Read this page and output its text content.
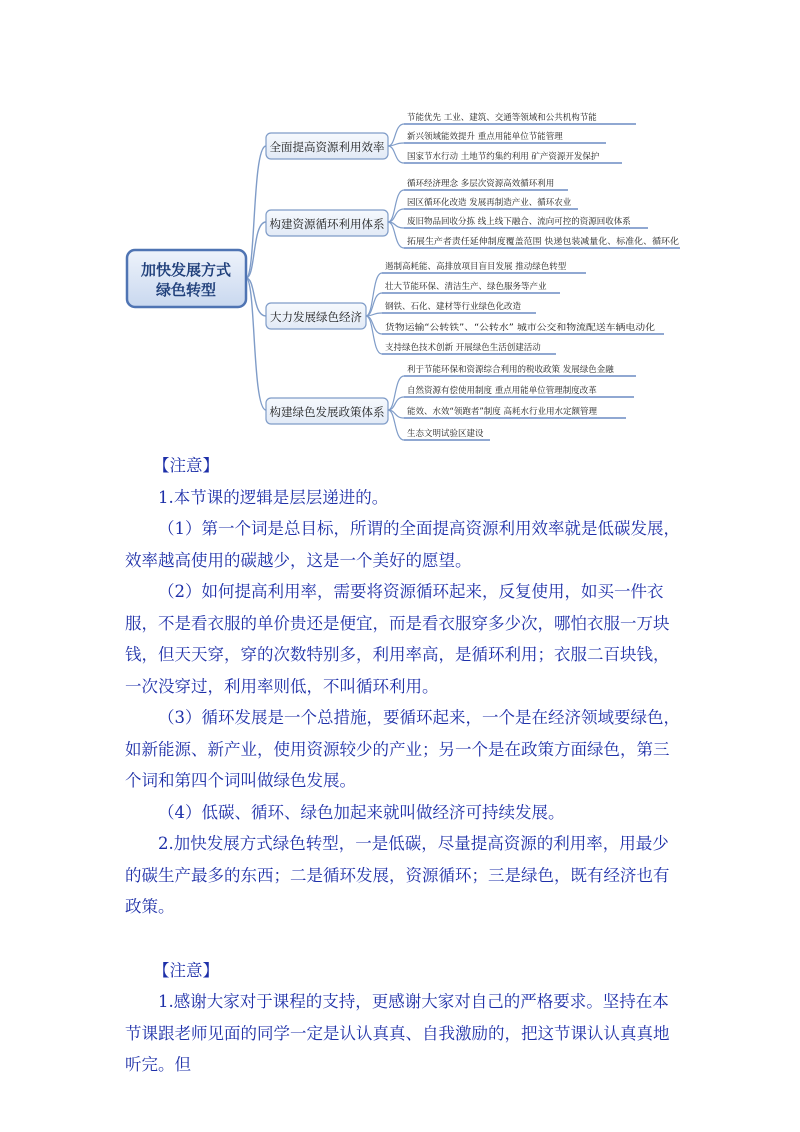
加快发展方式
绿色转型
全面提高资源利用效率
节能优先 工业、建筑、交通等领域和公共机构节能
新兴领域能效提升 重点用能单位节能管理
国家节水行动 土地节约集约利用 矿产资源开发保护
构建资源循环利用体系
循环经济理念 多层次资源高效循环利用
园区循环化改造 发展再制造产业、循环农业
废旧物品回收分拣 线上线下融合、流向可控的资源回收体系
拓展生产者责任延伸制度覆盖范围 快递包装减量化、标准化、循环化
大力发展绿色经济
遏制高耗能、高排放项目盲目发展 推动绿色转型
壮大节能环保、清洁生产、绿色服务等产业
钢铁、石化、建材等行业绿色化改造
货物运输“公转铁”、“公转水” 城市公交和物流配送车辆电动化
支持绿色技术创新 开展绿色生活创建活动
构建绿色发展政策体系
利于节能环保和资源综合利用的税收政策 发展绿色金融
自然资源有偿使用制度 重点用能单位管理制度改革
能效、水效“领跑者”制度 高耗水行业用水定额管理
生态文明试验区建设

【注意】

1.本节课的逻辑是层层递进的。

（1）第一个词是总目标，所谓的全面提高资源利用效率就是低碳发展，效率越高使用的碳越少，这是一个美好的愿望。

（2）如何提高利用率，需要将资源循环起来，反复使用，如买一件衣服，不是看衣服的单价贵还是便宜，而是看衣服穿多少次，哪怕衣服一万块钱，但天天穿，穿的次数特别多，利用率高，是循环利用；衣服二百块钱，一次没穿过，利用率则低，不叫循环利用。

（3）循环发展是一个总措施，要循环起来，一个是在经济领域要绿色，如新能源、新产业，使用资源较少的产业；另一个是在政策方面绿色，第三个词和第四个词叫做绿色发展。

（4）低碳、循环、绿色加起来就叫做经济可持续发展。

2.加快发展方式绿色转型，一是低碳，尽量提高资源的利用率，用最少的碳生产最多的东西；二是循环发展，资源循环；三是绿色，既有经济也有政策。

【注意】

1.感谢大家对于课程的支持，更感谢大家对自己的严格要求。坚持在本节课跟老师见面的同学一定是认认真真、自我激励的，把这节课认认真真地听完。但
